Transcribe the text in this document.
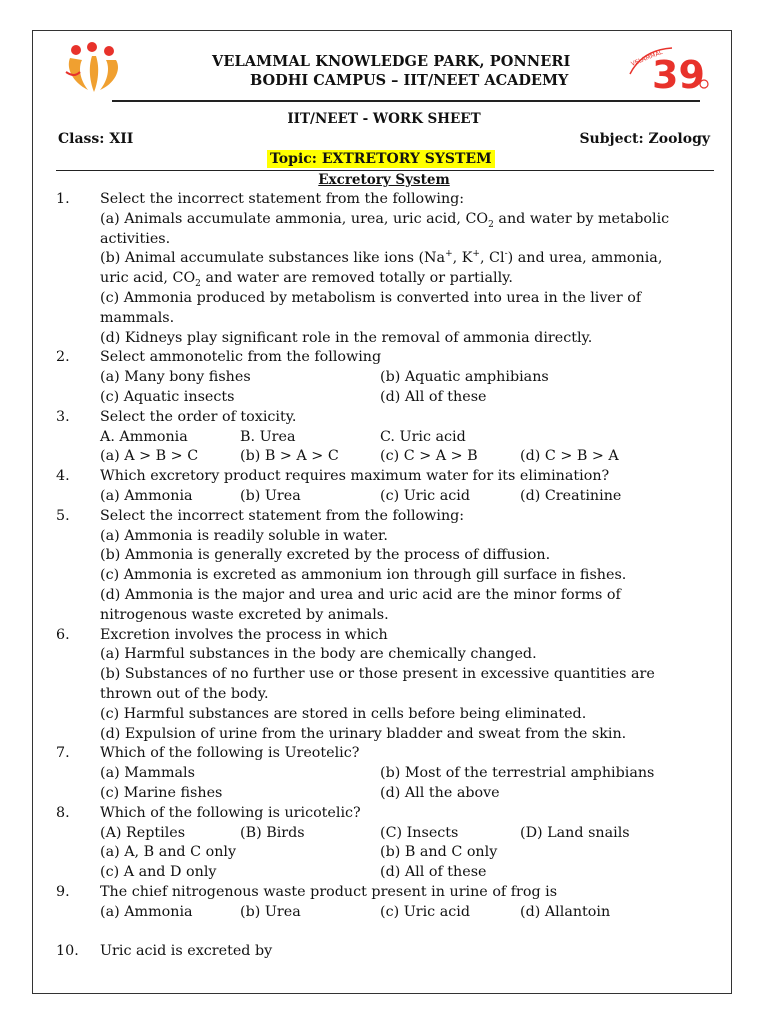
VELAMMAL
39
VELAMMAL KNOWLEDGE PARK, PONNERI
BODHI CAMPUS – IIT/NEET ACADEMY
IIT/NEET - WORK SHEET
Class: XII	Subject: Zoology
Topic: EXTRETORY SYSTEM
Excretory System
1. Select the incorrect statement from the following:
(a) Animals accumulate ammonia, urea, uric acid, $CO_2$ and water by metabolic
activities.
(b) Animal accumulate substances like ions (Na+, K+, Cl-) and urea, ammonia,
uric acid, $CO_2$ and water are removed totally or partially.
(c) Ammonia produced by metabolism is converted into urea in the liver of
mammals.
(d) Kidneys play significant role in the removal of ammonia directly.
2. Select ammonotelic from the following
(a) Many bony fishes	(b) Aquatic amphibians
(c) Aquatic insects	(d) All of these
3. Select the order of toxicity.
A. Ammonia	B. Urea	C. Uric acid
(a) A > B > C	(b) B > A > C	(c) C > A > B	(d) C > B > A
4. Which excretory product requires maximum water for its elimination?
(a) Ammonia	(b) Urea	(c) Uric acid	(d) Creatinine
5. Select the incorrect statement from the following:
(a) Ammonia is readily soluble in water.
(b) Ammonia is generally excreted by the process of diffusion.
(c) Ammonia is excreted as ammonium ion through gill surface in fishes.
(d) Ammonia is the major and urea and uric acid are the minor forms of
nitrogenous waste excreted by animals.
6. Excretion involves the process in which
(a) Harmful substances in the body are chemically changed.
(b) Substances of no further use or those present in excessive quantities are
thrown out of the body.
(c) Harmful substances are stored in cells before being eliminated.
(d) Expulsion of urine from the urinary bladder and sweat from the skin.
7. Which of the following is Ureotelic?
(a) Mammals	(b) Most of the terrestrial amphibians
(c) Marine fishes	(d) All the above
8. Which of the following is uricotelic?
(A) Reptiles	(B) Birds	(C) Insects	(D) Land snails
(a) A, B and C only	(b) B and C only
(c) A and D only	(d) All of these
9. The chief nitrogenous waste product present in urine of frog is
(a) Ammonia	(b) Urea	(c) Uric acid	(d) Allantoin
10. Uric acid is excreted by
